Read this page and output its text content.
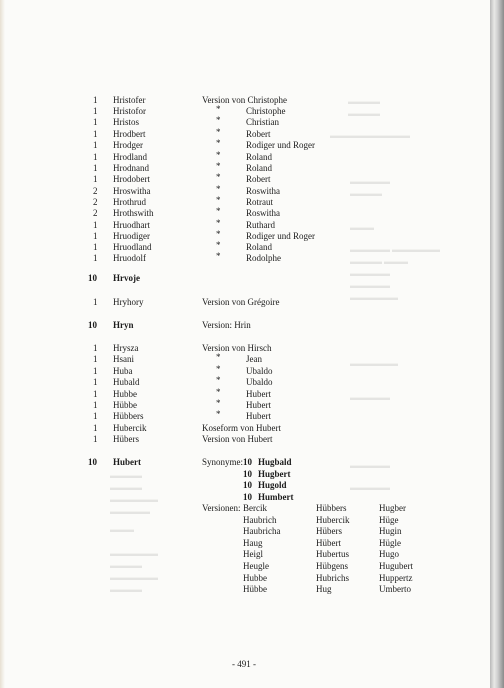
▬▬▬▬
▬▬▬▬
▬▬▬▬▬▬▬▬▬▬
▬▬▬▬▬
▬▬▬▬
▬▬▬
▬▬▬▬▬ ▬▬▬▬▬▬
▬▬▬▬ ▬▬▬
▬▬▬▬▬
▬▬▬▬▬
▬▬▬▬▬▬
▬▬▬▬▬▬
▬▬▬▬▬
▬▬▬▬▬
▬▬▬▬▬
▬▬▬▬
▬▬▬▬
▬▬▬▬▬▬
▬▬▬▬▬
▬▬▬
▬▬▬▬▬▬
▬▬▬▬
▬▬▬▬▬▬
▬▬▬▬
1 Hristofer	Version von Christophe
1 Hristofor	*	Christophe
1 Hristos	*	Christian
1 Hrodbert	*	Robert
1 Hrodger	*	Rodiger und Roger
1 Hrodland	*	Roland
1 Hrodnand	*	Roland
1 Hrodobert	*	Robert
2 Hroswitha	*	Roswitha
2 Hrothrud	*	Rotraut
2 Hrothswith	*	Roswitha
1 Hruodhart	*	Ruthard
1 Hruodiger	*	Rodiger und Roger
1 Hruodland	*	Roland
1 Hruodolf	*	Rodolphe
10 Hrvoje
1 Hryhory	Version von Grégoire
10 Hryn	Version: Hrin
1 Hrysza	Version von Hirsch
1 Hsani	*	Jean
1 Huba	*	Ubaldo
1 Hubald	*	Ubaldo
1 Hubbe	*	Hubert
1 Hübbe	*	Hubert
1 Hübbers	*	Hubert
1 Hubercik	Koseform von Hubert
1 Hübers	Version von Hubert
10 Hubert	Synonyme: 10 Hugbald
10 Hugbert
10 Hugold
10 Humbert
Versionen: Bercik	Hübbers	Hugber
Haubrich	Hubercik	Hüge
Haubricha	Hübers	Hugin
Haug	Hübert	Hügle
Heigl	Hubertus	Hugo
Heugle	Hübgens	Hugubert
Hubbe	Hubrichs	Huppertz
Hübbe	Hug	Umberto
- 491 -
